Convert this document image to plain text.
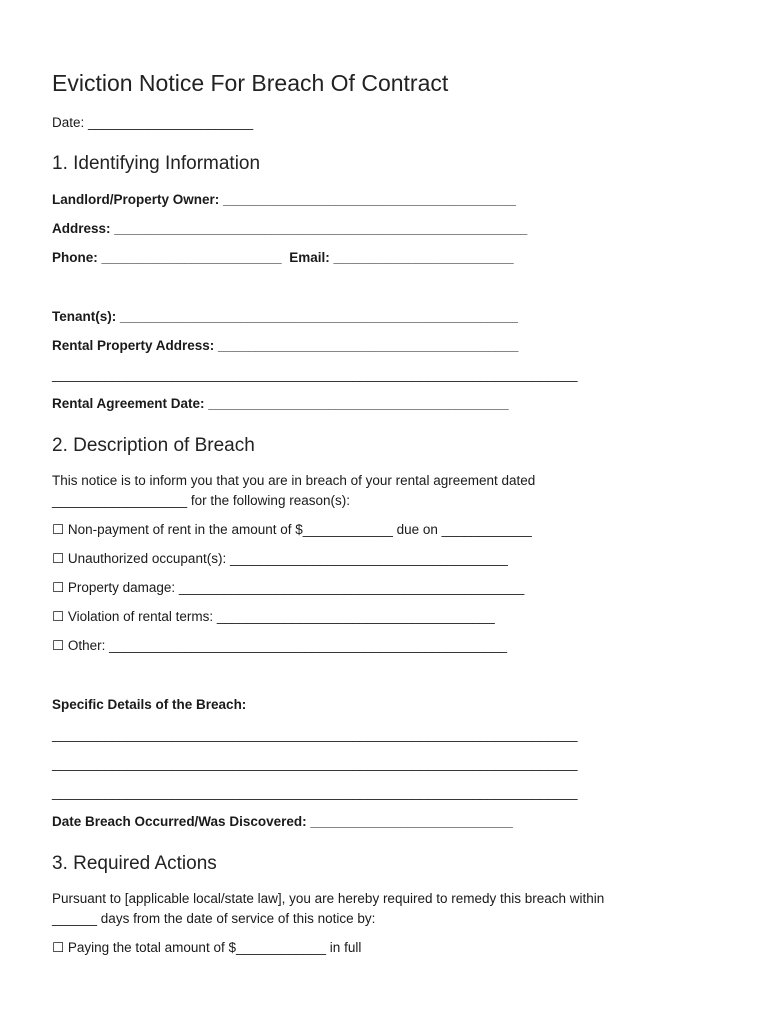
Eviction Notice For Breach Of Contract
Date: ______________________
1. Identifying Information
Landlord/Property Owner: _______________________________________
Address: _______________________________________________________
Phone: ________________________  Email: ________________________
Tenant(s): _____________________________________________________
Rental Property Address: ________________________________________
______________________________________________________________________
Rental Agreement Date: ________________________________________
2. Description of Breach
This notice is to inform you that you are in breach of your rental agreement dated
__________________ for the following reason(s):
☐ Non-payment of rent in the amount of $____________ due on ____________
☐ Unauthorized occupant(s): _____________________________________
☐ Property damage: ______________________________________________
☐ Violation of rental terms: _____________________________________
☐ Other: _____________________________________________________
Specific Details of the Breach:
______________________________________________________________________
______________________________________________________________________
______________________________________________________________________
Date Breach Occurred/Was Discovered: ___________________________
3. Required Actions
Pursuant to [applicable local/state law], you are hereby required to remedy this breach within
______ days from the date of service of this notice by:
☐ Paying the total amount of $____________ in full
